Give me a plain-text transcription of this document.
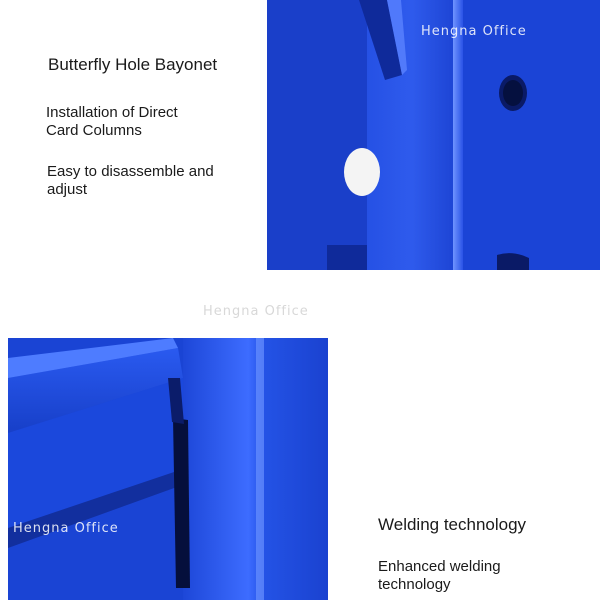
Butterfly Hole Bayonet
Installation of Direct
Card Columns
Easy to disassemble and
adjust
Hengna Office
Hengna Office
Hengna Office	Welding technology
Enhanced welding
technology
